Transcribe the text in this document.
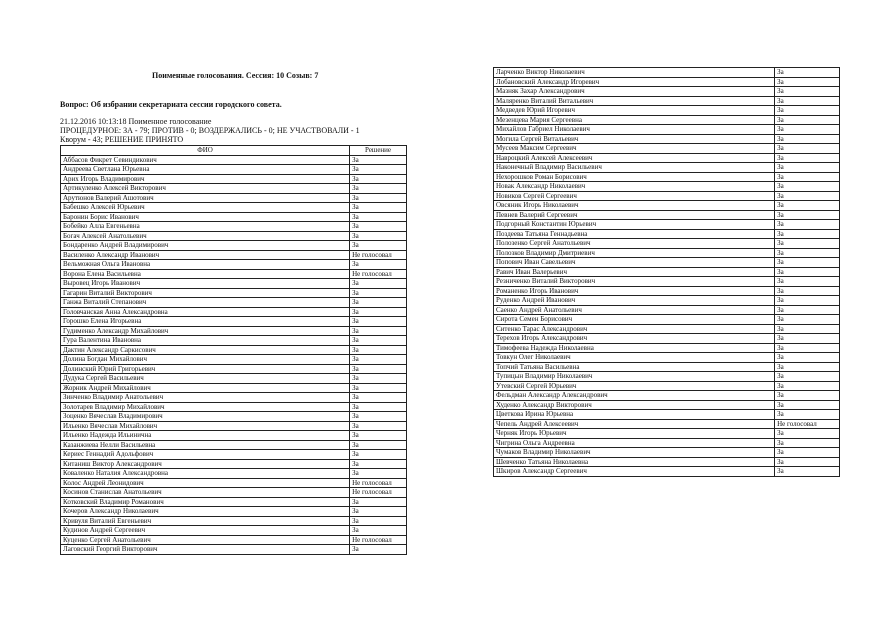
Поименные голосования. Сессия: 10 Созыв: 7
Вопрос: Об избрании секретариата сессии городского совета.
21.12.2016 10:13:18 Поименное голосование
ПРОЦЕДУРНОЕ: ЗА - 79; ПРОТИВ - 0; ВОЗДЕРЖАЛИСЬ - 0; НЕ УЧАСТВОВАЛИ - 1
Кворум - 43; РЕШЕНИЕ ПРИНЯТО
ФИО	Решение
Аббасов Фикрет Севиндикович	За
Андреева Светлана Юрьевна	За
Арих Игорь Владимирович	За
Артикуленко Алексей Викторович	За
Арутюнов Валерий Ашотович	За
Бабешко Алексей Юрьевич	За
Баронин Борис Иванович	За
Бобейко Алла Евгеньевна	За
Богач Алексей Анатольевич	За
Бондаренко Андрей Владимирович	За
Василенко Александр Иванович	Не голосовал
Вельможная Ольга Ивановна	За
Ворона Елена Васильевна	Не голосовал
Выровец Игорь Иванович	За
Гагарин Виталий Викторович	За
Ганжа Виталий Степанович	За
Головчанская Анна Александровна	За
Горошко Елена Игорьевна	За
Гудименко Александр Михайлович	За
Гура Валентина Ивановна	За
Дактин Александр Саркисович	За
Долина Богдан Михайлович	За
Долинский Юрий Григорьевич	За
Дудука Сергей Васильевич	За
Жорник Андрей Михайлович	За
Зинченко Владимир Анатольевич	За
Золотарев Владимир Михайлович	За
Зоценко Вячеслав Владимирович	За
Ильенко Вячеслав Михайлович	За
Ильенко Надежда Ильинична	За
Казанжиева Нелли Васильевна	За
Кериес Геннадий Адольфович	За
Китаниш Виктор Александрович	За
Коваленко Наталия Александровна	За
Колос Андрей Леонидович	Не голосовал
Косинов Станислав Анатольевич	Не голосовал
Котковский Владимир Романович	За
Кочеров Александр Николаевич	За
Кривуля Виталий Евгеньевич	За
Кудинов Андрей Сергеевич	За
Куценко Сергей Анатольевич	Не голосовал
Лаговский Георгий Викторович	За
Ларченко Виктор Николаевич	За
Лобановский Александр Игоревич	За
Мазняк Захар Александрович	За
Маляренко Виталий Витальевич	За
Медведев Юрий Игоревич	За
Мезенцева Мария Сергеевна	За
Михайлов Габриел Николаевич	За
Могила Сергей Витальевич	За
Мусеев Максим Сергеевич	За
Навроцкий Алексей Алексеевич	За
Наконечный Владимир Васильевич	За
Нехорошков Роман Борисович	За
Новак Александр Николаевич	За
Новиков Сергей Сергеевич	За
Овсяник Игорь Николаевич	За
Певнев Валерий Сергеевич	За
Подгорный Константин Юрьевич	За
Поздеева Татьяна Геннадьевна	За
Полозенко Сергей Анатольевич	За
Полозков Владимир Дмитриевич	За
Попович Иван Савельевич	За
Равич Иван Валерьевич	За
Резниченко Виталий Викторович	За
Романенко Игорь Иванович	За
Руденко Андрей Иванович	За
Саенко Андрей Анатольевич	За
Сирота Семен Борисович	За
Ситенко Тарас Александрович	За
Терехов Игорь Александрович	За
Тимофеева Надежда Николаевна	За
Товкун Олег Николаевич	За
Топчий Татьяна Васильевна	За
Тупицын Владимир Николаевич	За
Утевский Сергей Юрьевич	За
Фельдман Александр Александрович	За
Худенко Александр Викторович	За
Цветкова Ирина Юрьевна	За
Чепель Андрей Алексеевич	Не голосовал
Черняк Игорь Юрьевич	За
Чигрина Ольга Андреевна	За
Чумаков Владимир Николаевич	За
Шевченко Татьяна Николаевна	За
Шкиров Александр Сергеевич	За
